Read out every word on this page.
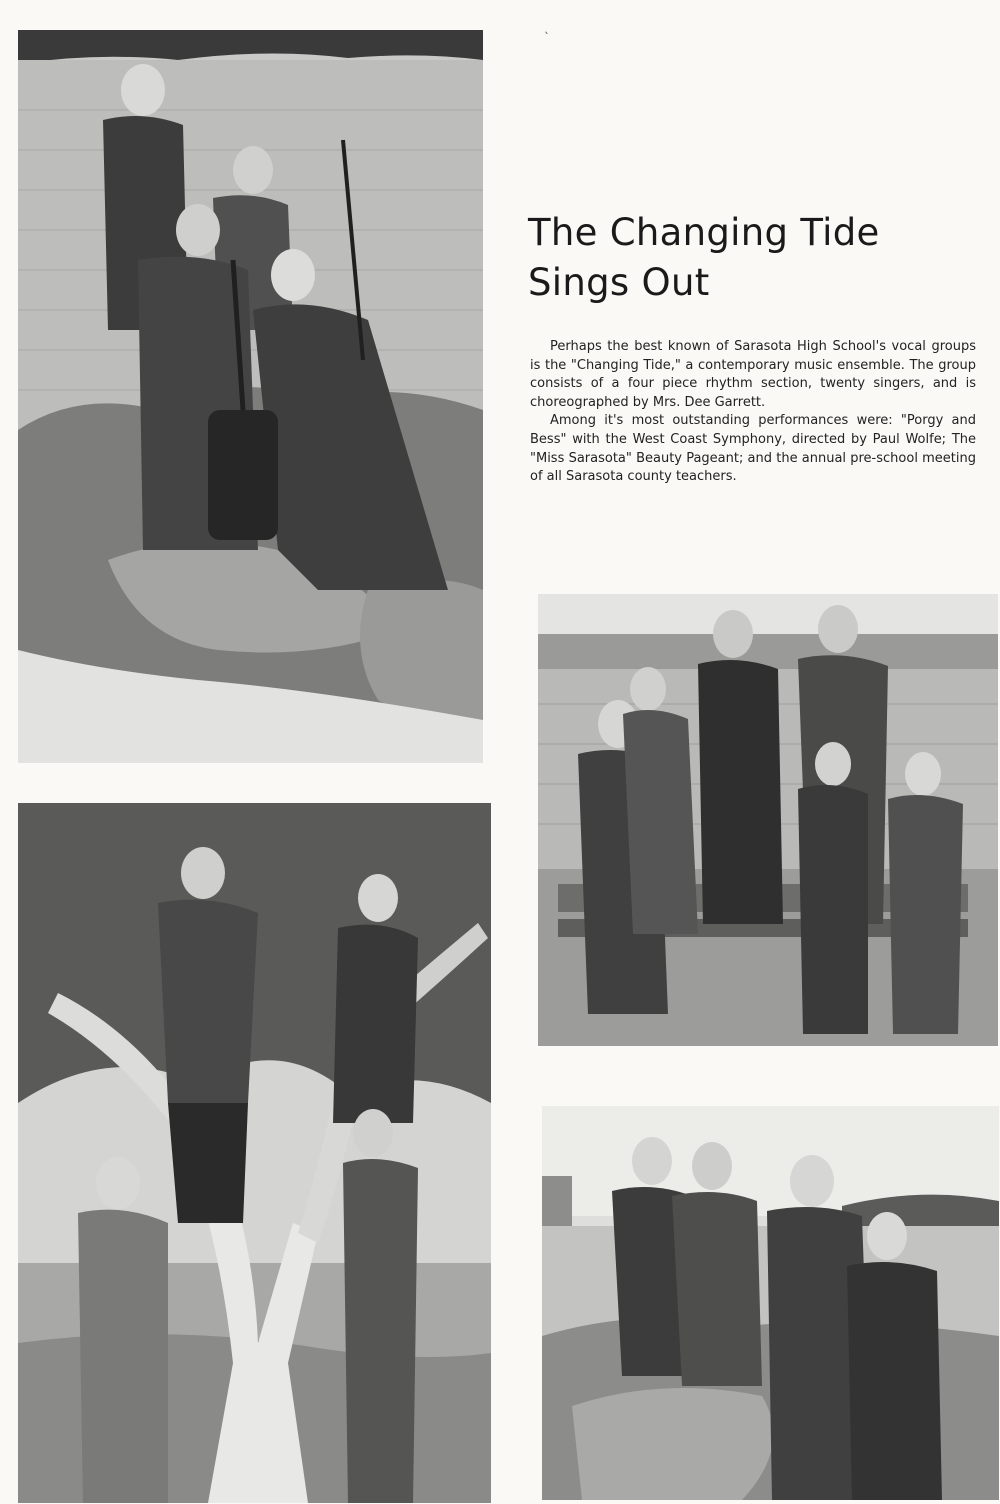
ˎ
The Changing Tide
Sings Out

Perhaps the best known of Sarasota High School's vocal groups is the "Changing Tide," a contemporary music ensemble. The group consists of a four piece rhythm section, twenty singers, and is choreographed by Mrs. Dee Garrett.

Among it's most outstanding performances were: "Porgy and Bess" with the West Coast Symphony, directed by Paul Wolfe; The "Miss Sarasota" Beauty Pageant; and the annual pre-school meeting of all Sarasota county teachers.
